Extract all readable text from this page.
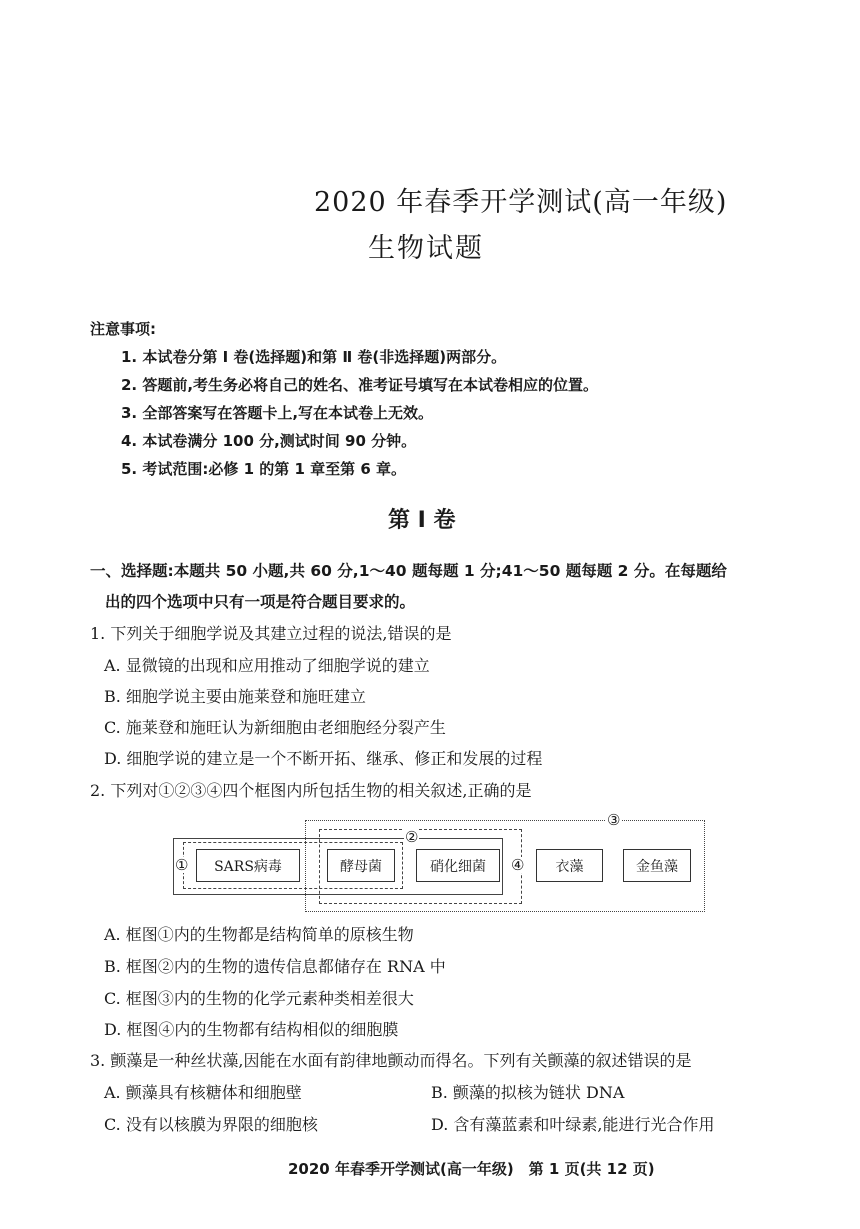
2020 年春季开学测试(高一年级)
生物试题
注意事项:
1. 本试卷分第 Ⅰ 卷(选择题)和第 Ⅱ 卷(非选择题)两部分。
2. 答题前,考生务必将自己的姓名、准考证号填写在本试卷相应的位置。
3. 全部答案写在答题卡上,写在本试卷上无效。
4. 本试卷满分 100 分,测试时间 90 分钟。
5. 考试范围:必修 1 的第 1 章至第 6 章。
第 Ⅰ 卷
一、选择题:本题共 50 小题,共 60 分,1～40 题每题 1 分;41～50 题每题 2 分。在每题给
出的四个选项中只有一项是符合题目要求的。
1. 下列关于细胞学说及其建立过程的说法,错误的是
A. 显微镜的出现和应用推动了细胞学说的建立
B. 细胞学说主要由施莱登和施旺建立
C. 施莱登和施旺认为新细胞由老细胞经分裂产生
D. 细胞学说的建立是一个不断开拓、继承、修正和发展的过程
2. 下列对①②③④四个框图内所包括生物的相关叙述,正确的是
SARS病毒	酵母菌	硝化细菌	衣藻	金鱼藻
①
②
③
④
A. 框图①内的生物都是结构简单的原核生物
B. 框图②内的生物的遗传信息都储存在 RNA 中
C. 框图③内的生物的化学元素种类相差很大
D. 框图④内的生物都有结构相似的细胞膜
3. 颤藻是一种丝状藻,因能在水面有韵律地颤动而得名。下列有关颤藻的叙述错误的是
A. 颤藻具有核糖体和细胞壁	B. 颤藻的拟核为链状 DNA
C. 没有以核膜为界限的细胞核	D. 含有藻蓝素和叶绿素,能进行光合作用
2020 年春季开学测试(高一年级)　第 1 页(共 12 页)
